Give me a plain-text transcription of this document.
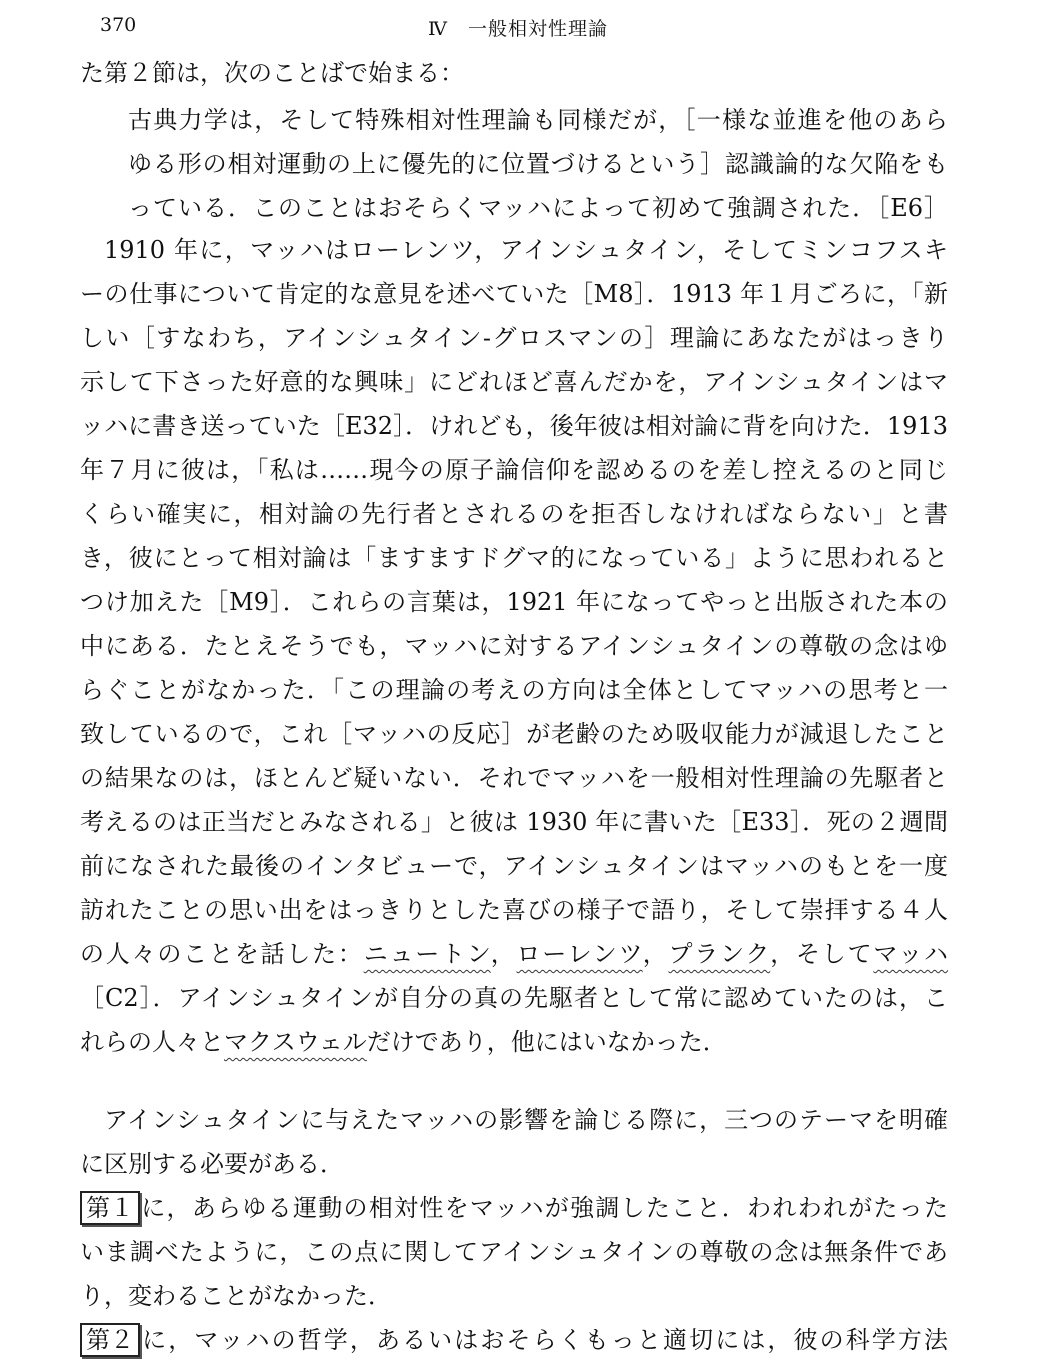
370	Ⅳ　一般相対性理論
た第２節は，次のことばで始まる：
古典力学は，そして特殊相対性理論も同様だが，［一様な並進を他のあら
ゆる形の相対運動の上に優先的に位置づけるという］認識論的な欠陥をも
っている．このことはおそらくマッハによって初めて強調された．［E6］
1910 年に，マッハはローレンツ，アインシュタイン，そしてミンコフスキ
ーの仕事について肯定的な意見を述べていた［M8］．1913 年１月ごろに，「新
しい［すなわち，アインシュタイン-グロスマンの］理論にあなたがはっきり
示して下さった好意的な興味」にどれほど喜んだかを，アインシュタインはマ
ッハに書き送っていた［E32］．けれども，後年彼は相対論に背を向けた．1913
年７月に彼は，「私は……現今の原子論信仰を認めるのを差し控えるのと同じ
くらい確実に，相対論の先行者とされるのを拒否しなければならない」と書
き，彼にとって相対論は「ますますドグマ的になっている」ように思われると
つけ加えた［M9］．これらの言葉は，1921 年になってやっと出版された本の
中にある．たとえそうでも，マッハに対するアインシュタインの尊敬の念はゆ
らぐことがなかった．「この理論の考えの方向は全体としてマッハの思考と一
致しているので，これ［マッハの反応］が老齢のため吸収能力が減退したこと
の結果なのは，ほとんど疑いない．それでマッハを一般相対性理論の先駆者と
考えるのは正当だとみなされる」と彼は 1930 年に書いた［E33］．死の２週間
前になされた最後のインタビューで，アインシュタインはマッハのもとを一度
訪れたことの思い出をはっきりとした喜びの様子で語り，そして崇拝する４人
の人々のことを話した：ニュートン，ローレンツ，プランク，そしてマッハ
［C2］．アインシュタインが自分の真の先駆者として常に認めていたのは，こ
れらの人々とマクスウェルだけであり，他にはいなかった．
アインシュタインに与えたマッハの影響を論じる際に，三つのテーマを明確
に区別する必要がある．
第１ に，あらゆる運動の相対性をマッハが強調したこと．われわれがたった
いま調べたように，この点に関してアインシュタインの尊敬の念は無条件であ
り，変わることがなかった．
第２ に，マッハの哲学，あるいはおそらくもっと適切には，彼の科学方法
